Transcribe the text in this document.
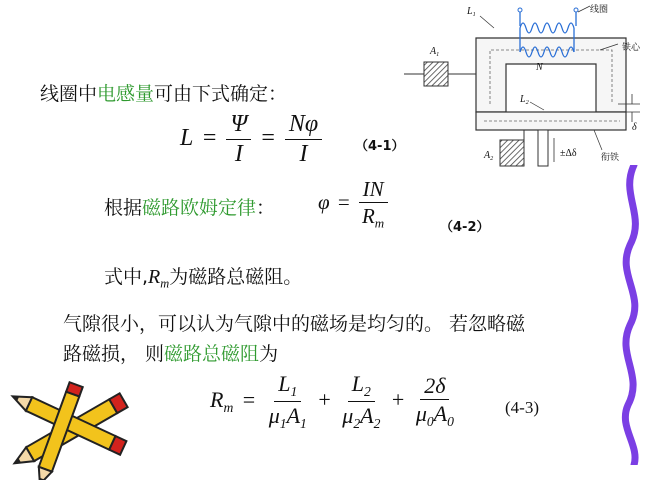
线圈中电感量可由下式确定：
$L = \frac{\Psi}{I} = \frac{N\varphi}{I}$	（4-1）
根据磁路欧姆定律： $\varphi = \frac{IN}{R_m}$	（4-2）
式中$,R_m$为磁路总磁阻。
气隙很小，可以认为气隙中的磁场是均匀的。 若忽略磁
路磁损， 则磁路总磁阻为
$R_m = \frac{L_1}{\mu_1A_1} + \frac{L_2}{\mu_2A_2} + \frac{2\delta}{\mu_0A_0}$	(4-3)
$L_1$	线圈
铁心
$A_1$
N
$L_2$
δ
$A_2$	±Δδ	衔铁
